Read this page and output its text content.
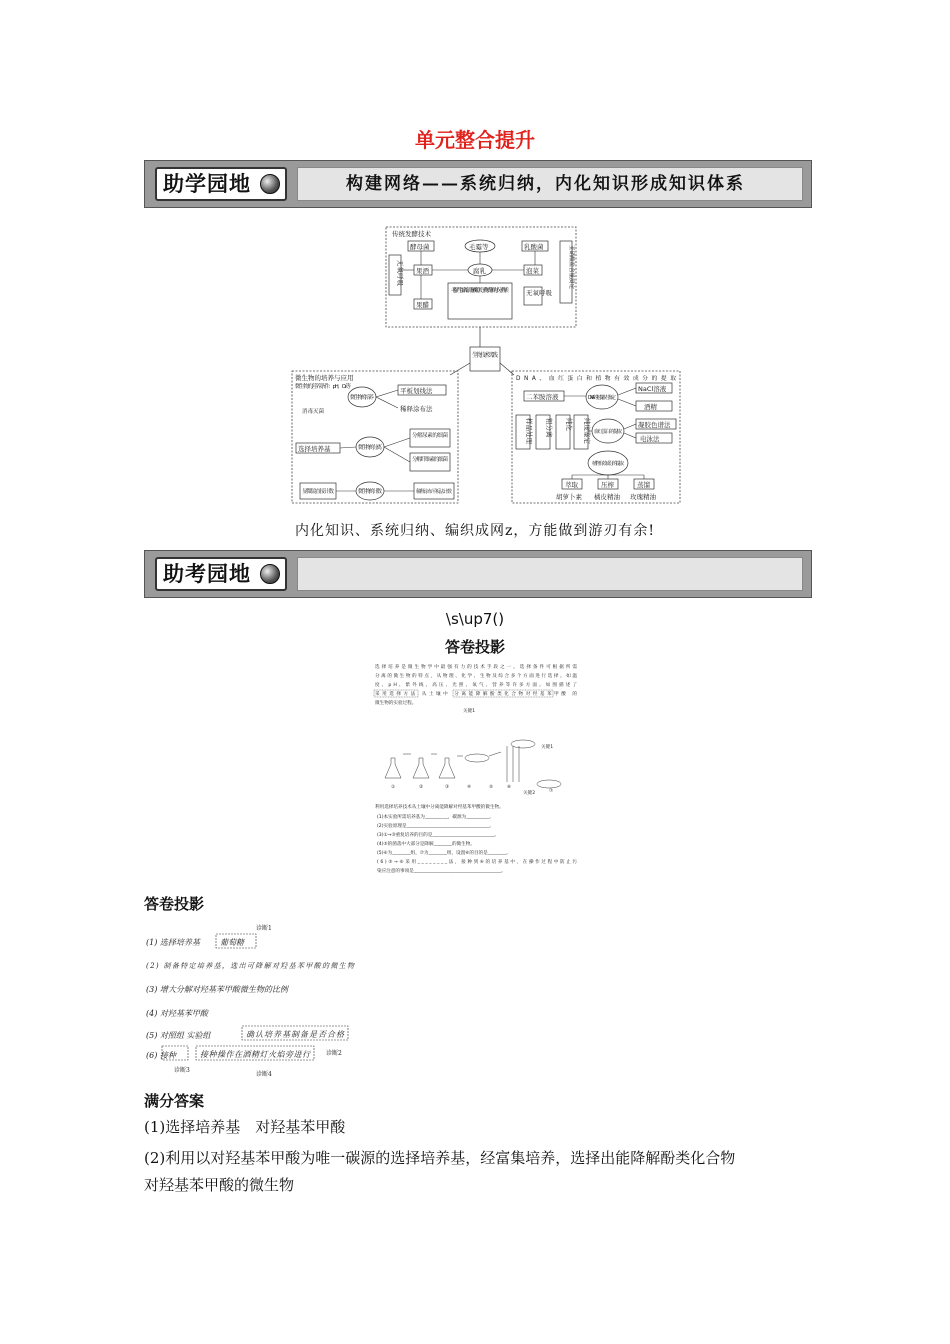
单元整合提升
助学园地	构建网络——系统归纳，内化知识形成知识体系
传统发酵技术
酵母菌	毛霉等	乳酸菌	亚硝酸盐含量测定
无氧呼吸 果酒
果醋
腐乳	泡菜
无氧呼吸
毛霉产生蛋白酶、脂肪酶将大分子物质分解为小分子物质
生物技术实践
微生物的培养与应用
微生物的营养条件：pH，O₂等
消毒灭菌
微生物的培养
平板划线法
稀释涂布法
选择培养基	微生物的分离
分解尿素的细菌
分解纤维素的细菌
显微镜直接计数	微生物的计数	稀释涂布平板法计数
DNA、血红蛋白和植物有效成分的提取
二苯胺溶液	DNA的粗提取与鉴定
NaCl溶液
酒精
样品处理 粗分离 纯化 纯度鉴定 血红蛋白的提取
凝胶色谱法
电泳法
植物有效成分的提取
萃取	压榨	蒸馏
胡萝卜素 橘皮精油 玫瑰精油
内化知识、系统归纳、编织成网z，方能做到游刃有余!
助考园地
\s\up7()
答卷投影
选择培养是微生物学中最强有力的技术手段之一。选择条件可根据所需
分离的微生物的特点，从物理、化学、生物及综合多个方面进行选择。如温
度、pH、紫外线、高压、光照、氧气、营养等许多方面。如图描述了
采用选择方法 从土壤中 分离能降解酚类化合物对羟基苯甲酸 的
微生物的实验过程。
关键1
关键1
关键2
①	②	③	④	⑤	⑥
⑦
利用选择培养技术从土壤中分离能降解对羟基苯甲酸的微生物。
(1)本实验所需培养基为__________，碳源为__________。
(2)实验原理是____________________________________。
(3)①→③重复培养的目的是___________________________。
(4)⑤的菌落中大部分是降解________的微生物。
(5)⑥为________组，⑦为________组，设置⑥的目的是________。
(6)⑤→⑥采用________法，接种到⑥的培养基中，在操作过程中防止污
染应注意的事项是______________________________________。
答卷投影
(1) 选择培养基	葡萄糖
诊断1
(2) 制备特定培养基，选出可降解对羟基苯甲酸的微生物
(3) 增大分解对羟基苯甲酸微生物的比例
(4) 对羟基苯甲酸
(5) 对照组 实验组	确认培养基制备是否合格
(6) 接种	接种操作在酒精灯火焰旁进行	诊断2
诊断3
诊断4
满分答案
(1)选择培养基　对羟基苯甲酸
(2)利用以对羟基苯甲酸为唯一碳源的选择培养基，经富集培养，选择出能降解酚类化合物
对羟基苯甲酸的微生物
